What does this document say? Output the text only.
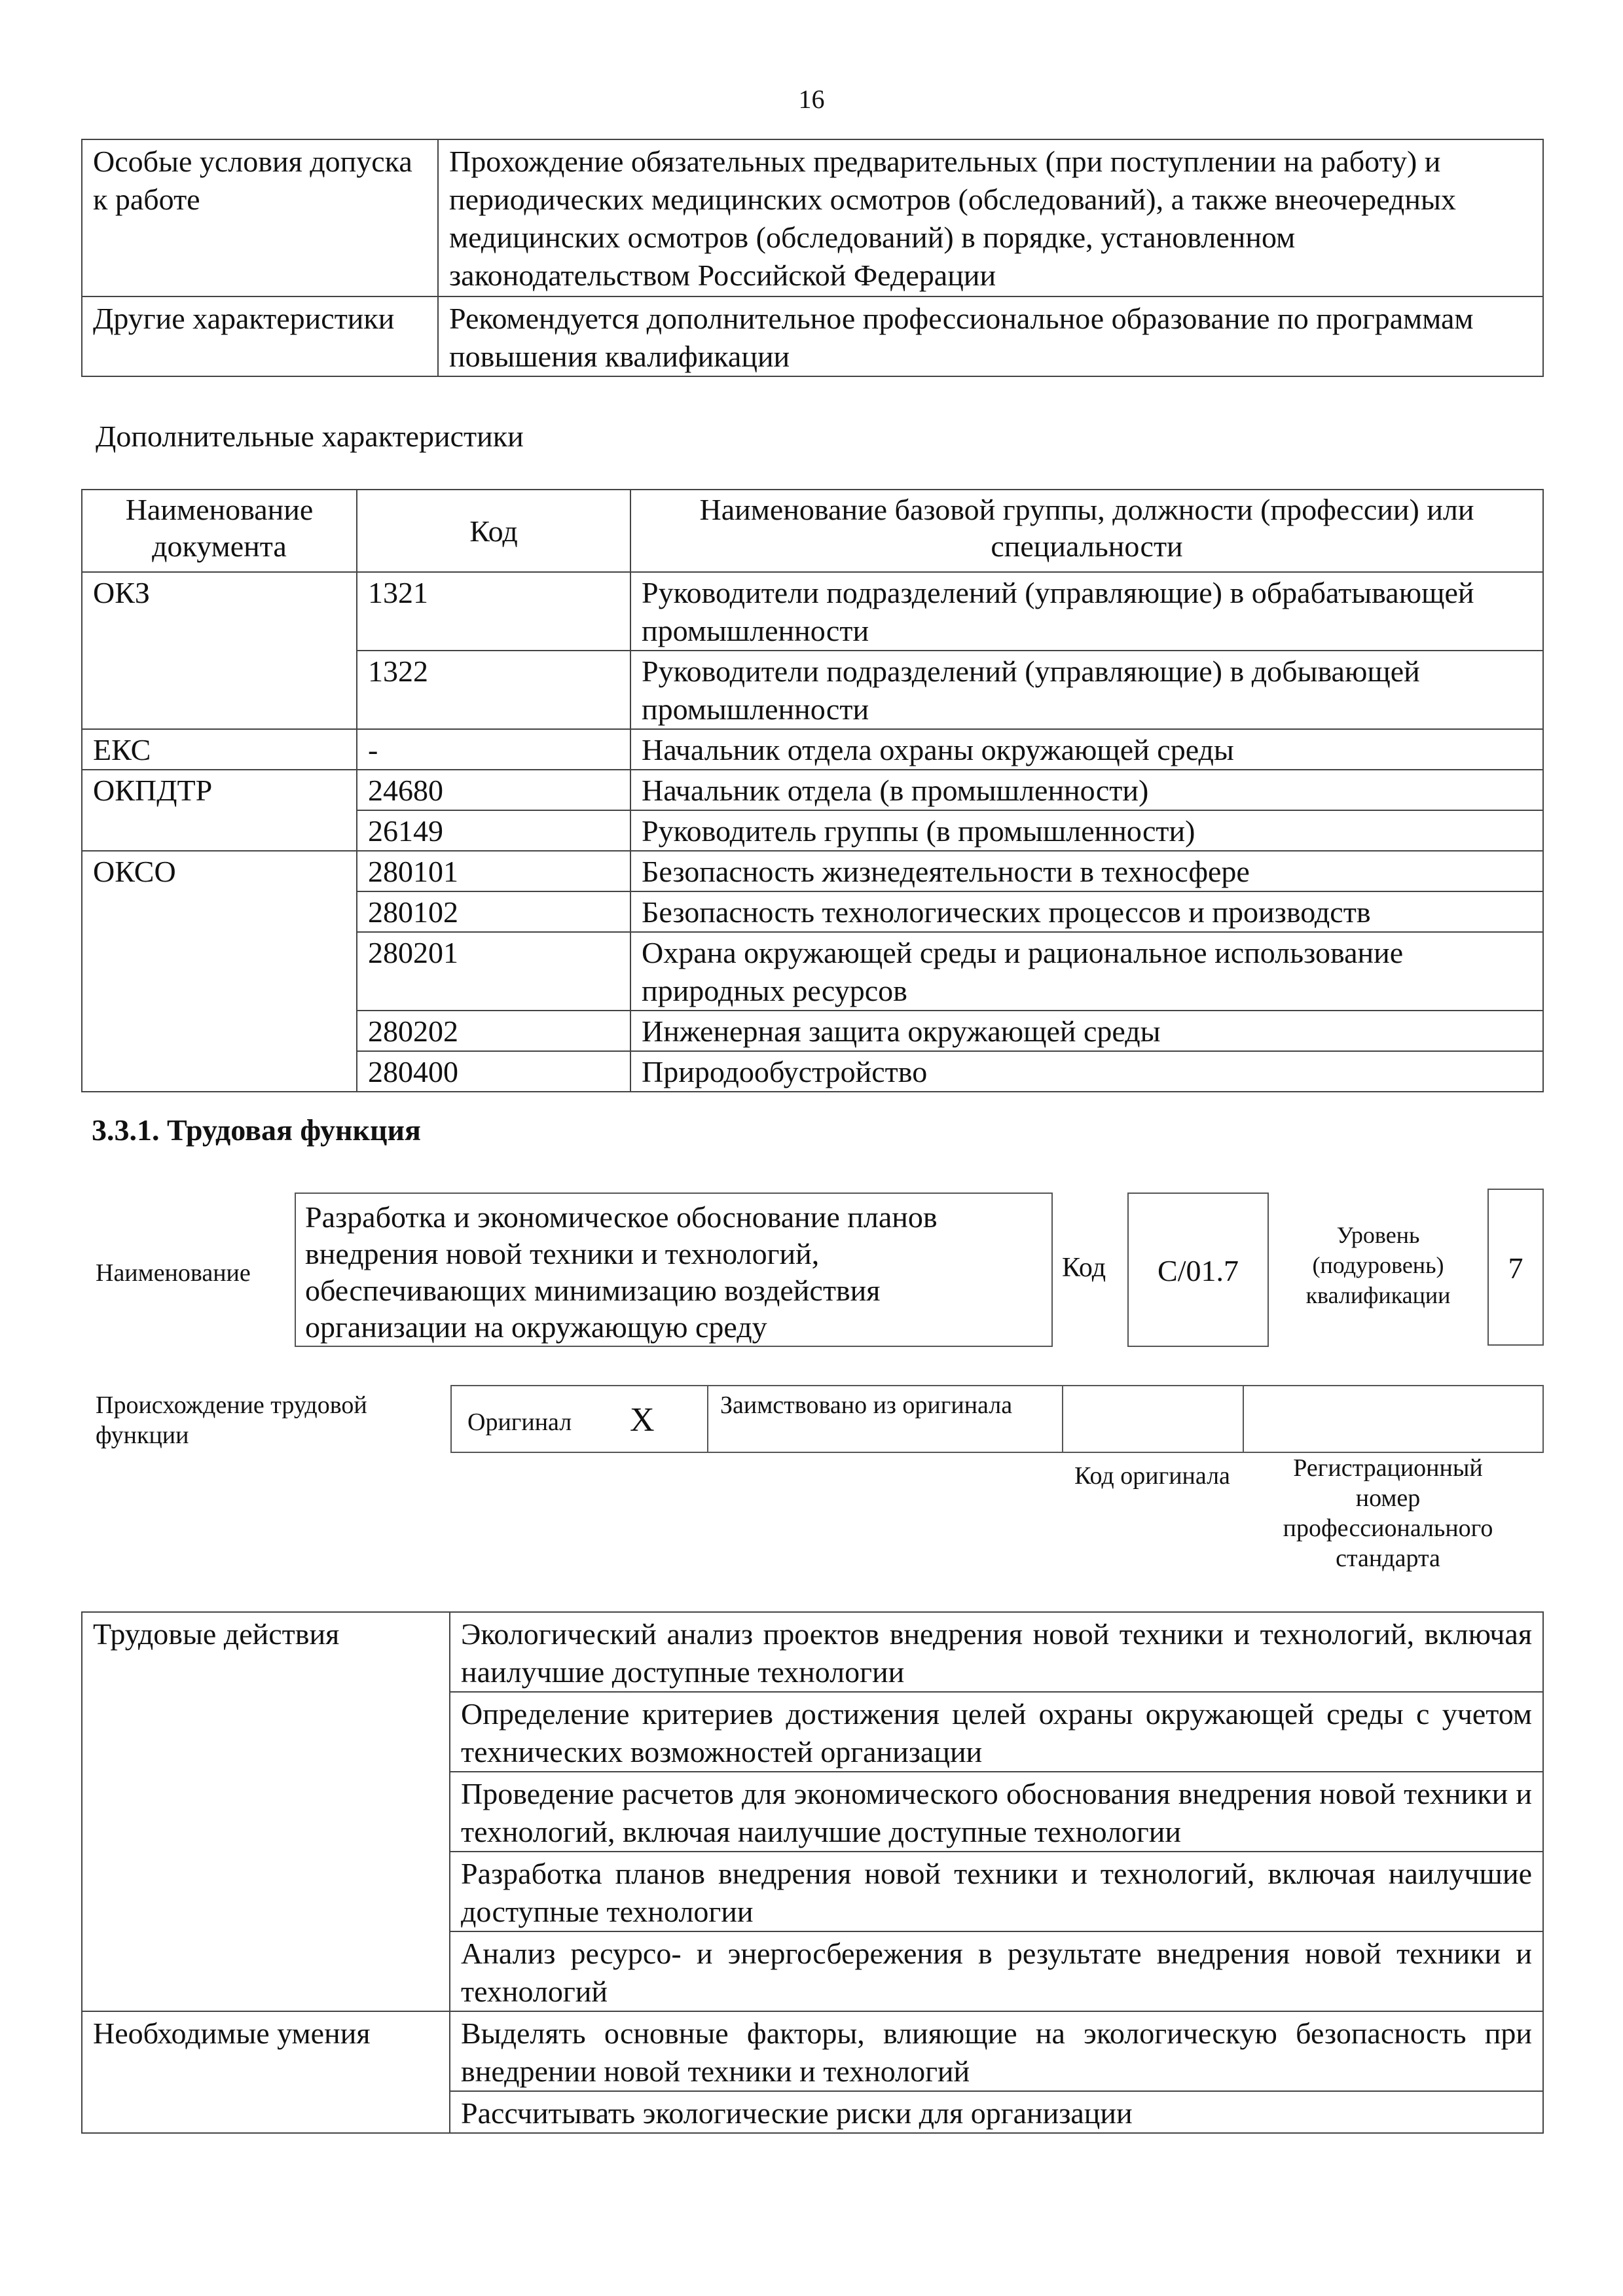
16
Особые условия допуска к работе	Прохождение обязательных предварительных (при поступлении на работу) и периодических медицинских осмотров (обследований), а также внеочередных медицинских осмотров (обследований) в порядке, установленном законодательством Российской Федерации
Другие характеристики	Рекомендуется дополнительное профессиональное образование по программам повышения квалификации
Дополнительные характеристики
Наименование документа	Код	Наименование базовой группы, должности (профессии) или специальности
ОКЗ	1321	Руководители подразделений (управляющие) в обрабатывающей промышленности
	1322	Руководители подразделений (управляющие) в добывающей промышленности
ЕКС	-	Начальник отдела охраны окружающей среды
ОКПДТР	24680	Начальник отдела (в промышленности)
	26149	Руководитель группы (в промышленности)
ОКСО	280101	Безопасность жизнедеятельности в техносфере
	280102	Безопасность технологических процессов и производств
	280201	Охрана окружающей среды и рациональное использование природных ресурсов
	280202	Инженерная защита окружающей среды
	280400	Природообустройство
3.3.1. Трудовая функция
Наименование
Разработка и экономическое обоснование планов внедрения новой техники и технологий, обеспечивающих минимизацию воздействия организации на окружающую среду
Код	C/01.7
Уровень (подуровень) квалификации
7
Происхождение трудовой функции	Оригинал X	Заимствовано из оригинала
Код оригинала	Регистрационный номер профессионального стандарта
Трудовые действия	Экологический анализ проектов внедрения новой техники и технологий, включая наилучшие доступные технологии
	Определение критериев достижения целей охраны окружающей среды с учетом технических возможностей организации
	Проведение расчетов для экономического обоснования внедрения новой техники и технологий, включая наилучшие доступные технологии
	Разработка планов внедрения новой техники и технологий, включая наилучшие доступные технологии
	Анализ ресурсо- и энергосбережения в результате внедрения новой техники и технологий
Необходимые умения	Выделять основные факторы, влияющие на экологическую безопасность при внедрении новой техники и технологий
	Рассчитывать экологические риски для организации
